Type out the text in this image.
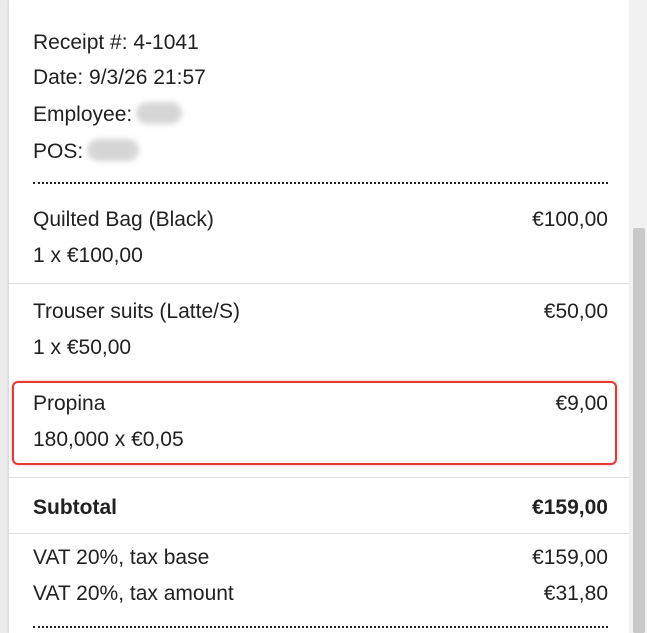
Receipt #: 4-1041
Date: 9/3/26 21:57
Employee:
POS:
Quilted Bag (Black)	€100,00
1 x €100,00
Trouser suits (Latte/S)	€50,00
1 x €50,00
Propina	€9,00
180,000 x €0,05
Subtotal	€159,00
VAT 20%, tax base	€159,00
VAT 20%, tax amount	€31,80
